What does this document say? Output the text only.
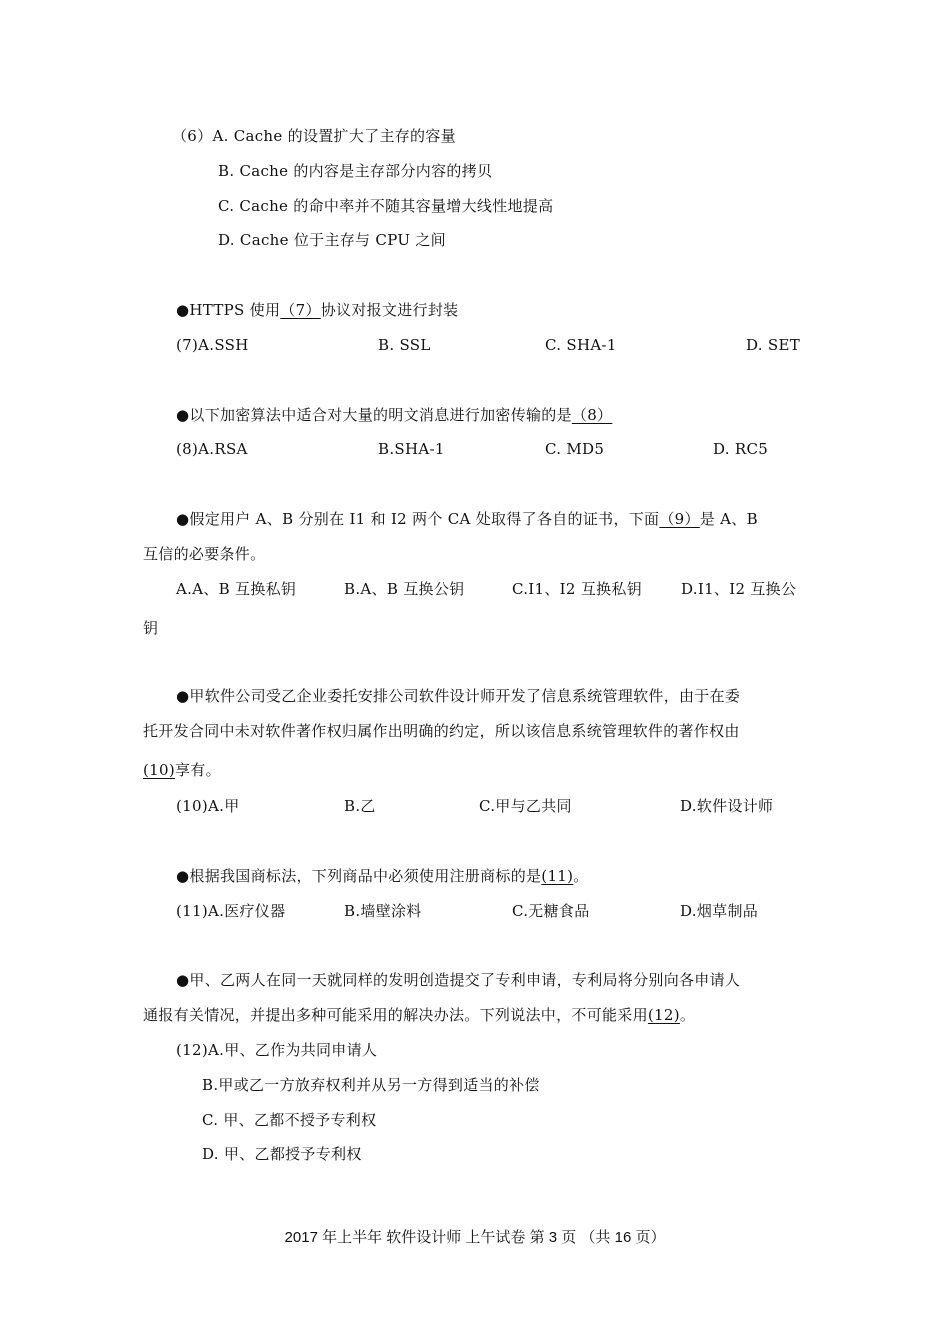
（6）A. Cache 的设置扩大了主存的容量
B. Cache 的内容是主存部分内容的拷贝
C. Cache 的命中率并不随其容量增大线性地提高
D. Cache 位于主存与 CPU 之间
●HTTPS 使用（7）协议对报文进行封装
(7)A.SSH	B. SSL	C. SHA-1	D. SET
●以下加密算法中适合对大量的明文消息进行加密传输的是（8）
(8)A.RSA	B.SHA-1	C. MD5	D. RC5
●假定用户 A、B 分别在 I1 和 I2 两个 CA 处取得了各自的证书，下面（9）是 A、B
互信的必要条件。
A.A、B 互换私钥	B.A、B 互换公钥	C.I1、I2 互换私钥	D.I1、I2 互换公
钥
●甲软件公司受乙企业委托安排公司软件设计师开发了信息系统管理软件，由于在委
托开发合同中未对软件著作权归属作出明确的约定，所以该信息系统管理软件的著作权由
(10)享有。
(10)A.甲	B.乙	C.甲与乙共同	D.软件设计师
●根据我国商标法，下列商品中必须使用注册商标的是(11)。
(11)A.医疗仪器	B.墙壁涂料	C.无糖食品	D.烟草制品
●甲、乙两人在同一天就同样的发明创造提交了专利申请，专利局将分别向各申请人
通报有关情况，并提出多种可能采用的解决办法。下列说法中，不可能采用(12)。
(12)A.甲、乙作为共同申请人
B.甲或乙一方放弃权利并从另一方得到适当的补偿
C. 甲、乙都不授予专利权
D. 甲、乙都授予专利权
2017 年上半年 软件设计师 上午试卷 第 3 页 （共 16 页）
